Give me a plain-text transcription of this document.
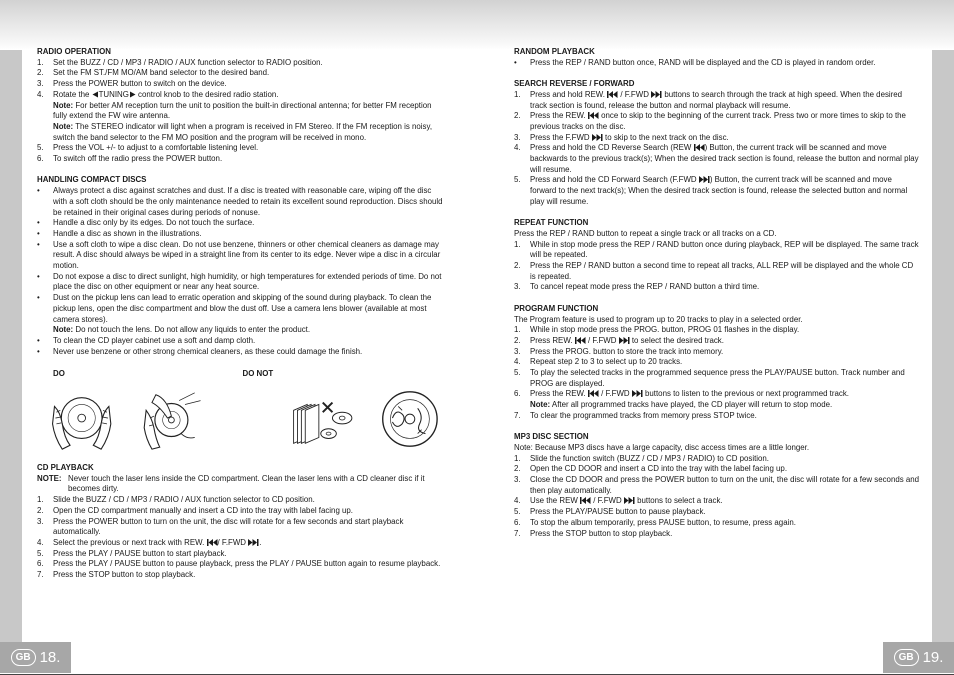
GB 18.	GB 19.
RADIO OPERATION
1. Set the BUZZ / CD / MP3 / RADIO / AUX function selector to RADIO position.
2. Set the FM ST./FM MO/AM band selector to the desired band.
3. Press the POWER button to switch on the device.
4. Rotate the TUNING control knob to the desired radio station.
Note: For better AM reception turn the unit to position the built-in directional antenna; for better FM reception fully extend the FW wire antenna.
Note: The STEREO indicator will light when a program is received in FM Stereo. If the FM reception is noisy, switch the band selector to the FM MO position and the program will be received in mono.
5. Press the VOL +/- to adjust to a comfortable listening level.
6. To switch off the radio press the POWER button.
HANDLING COMPACT DISCS
• Always protect a disc against scratches and dust. If a disc is treated with reasonable care, wiping off the disc with a soft cloth should be the only maintenance needed to retain its excellent sound reproduction. Discs should be retained in their original cases during periods of nonuse.
• Handle a disc only by its edges. Do not touch the surface.
• Handle a disc as shown in the illustrations.
• Use a soft cloth to wipe a disc clean. Do not use benzene, thinners or other chemical cleaners as damage may result. A disc should always be wiped in a straight line from its center to its edge. Never wipe a disc in a circular motion.
• Do not expose a disc to direct sunlight, high humidity, or high temperatures for extended periods of time. Do not place the disc on other equipment or near any heat source.
• Dust on the pickup lens can lead to erratic operation and skipping of the sound during playback. To clean the pickup lens, open the disc compartment and blow the dust off. Use a camera lens blower (available at most camera stores).
Note: Do not touch the lens. Do not allow any liquids to enter the product.
• To clean the CD player cabinet use a soft and damp cloth.
• Never use benzene or other strong chemical cleaners, as these could damage the finish.
DO	DO NOT
CD PLAYBACK
NOTE: Never touch the laser lens inside the CD compartment. Clean the laser lens with a CD cleaner disc if it becomes dirty.
1. Slide the BUZZ / CD / MP3 / RADIO / AUX function selector to CD position.
2. Open the CD compartment manually and insert a CD into the tray with label facing up.
3. Press the POWER button to turn on the unit, the disc will rotate for a few seconds and start playback automatically.
4. Select the previous or next track with REW. / F.FWD .
5. Press the PLAY / PAUSE button to start playback.
6. Press the PLAY / PAUSE button to pause playback, press the PLAY / PAUSE button again to resume playback.
7. Press the STOP button to stop playback.
RANDOM PLAYBACK
• Press the REP / RAND button once, RAND will be displayed and the CD is played in random order.
SEARCH REVERSE / FORWARD
1. Press and hold REW. / F.FWD buttons to search through the track at high speed. When the desired track section is found, release the button and normal playback will resume.
2. Press the REW. once to skip to the beginning of the current track. Press two or more times to skip to the previous tracks on the disc.
3. Press the F.FWD to skip to the next track on the disc.
4. Press and hold the CD Reverse Search (REW ) Button, the current track will be scanned and move backwards to the previous track(s); When the desired track section is found, release the button and normal play will resume.
5. Press and hold the CD Forward Search (F.FWD ) Button, the current track will be scanned and move forward to the next track(s); When the desired track section is found, release the selected button and normal play will resume.
REPEAT FUNCTION
Press the REP / RAND button to repeat a single track or all tracks on a CD.
1. While in stop mode press the REP / RAND button once during playback, REP will be displayed. The same track will be repeated.
2. Press the REP / RAND button a second time to repeat all tracks, ALL REP will be displayed and the whole CD is repeated.
3. To cancel repeat mode press the REP / RAND button a third time.
PROGRAM FUNCTION
The Program feature is used to program up to 20 tracks to play in a selected order.
1. While in stop mode press the PROG. button, PROG 01 flashes in the display.
2. Press REW. / F.FWD to select the desired track.
3. Press the PROG. button to store the track into memory.
4. Repeat step 2 to 3 to select up to 20 tracks.
5. To play the selected tracks in the programmed sequence press the PLAY/PAUSE button. Track number and PROG are displayed.
6. Press the REW. / F.FWD buttons to listen to the previous or next programmed track.
Note: After all programmed tracks have played, the CD player will return to stop mode.
7. To clear the programmed tracks from memory press STOP twice.
MP3 DISC SECTION
Note: Because MP3 discs have a large capacity, disc access times are a little longer.
1. Slide the function switch (BUZZ / CD / MP3 / RADIO) to CD position.
2. Open the CD DOOR and insert a CD into the tray with the label facing up.
3. Close the CD DOOR and press the POWER button to turn on the unit, the disc will rotate for a few seconds and then play automatically.
4. Use the REW / F.FWD buttons to select a track.
5. Press the PLAY/PAUSE button to pause playback.
6. To stop the album temporarily, press PAUSE button, to resume, press again.
7. Press the STOP button to stop playback.
